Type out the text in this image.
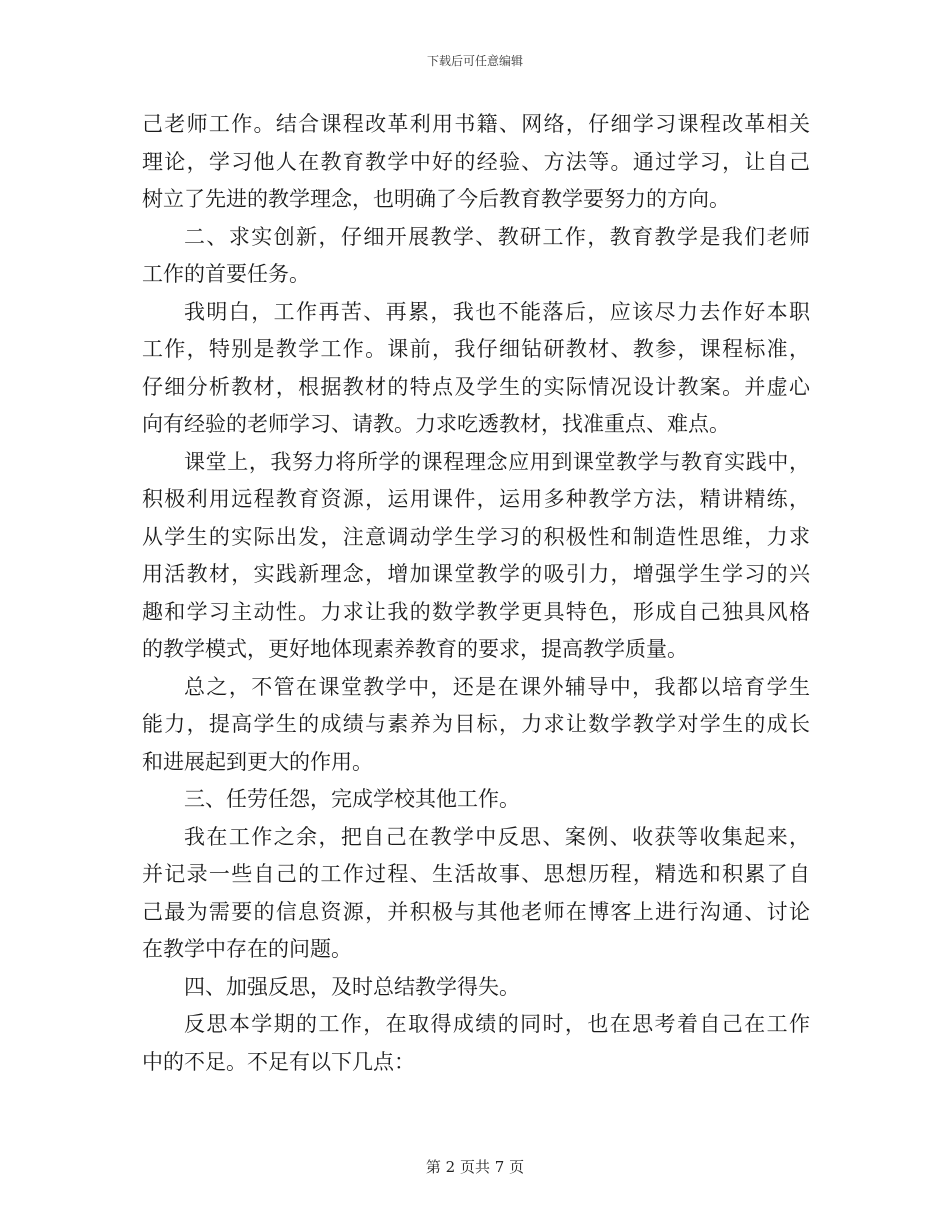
下载后可任意编辑
己老师工作。结合课程改革利用书籍、网络，仔细学习课程改革相关
理论，学习他人在教育教学中好的经验、方法等。通过学习，让自己
树立了先进的教学理念，也明确了今后教育教学要努力的方向。
二、求实创新，仔细开展教学、教研工作，教育教学是我们老师
工作的首要任务。
我明白，工作再苦、再累，我也不能落后，应该尽力去作好本职
工作，特别是教学工作。课前，我仔细钻研教材、教参，课程标准，
仔细分析教材，根据教材的特点及学生的实际情况设计教案。并虚心
向有经验的老师学习、请教。力求吃透教材，找准重点、难点。
课堂上，我努力将所学的课程理念应用到课堂教学与教育实践中，
积极利用远程教育资源，运用课件，运用多种教学方法，精讲精练，
从学生的实际出发，注意调动学生学习的积极性和制造性思维，力求
用活教材，实践新理念，增加课堂教学的吸引力，增强学生学习的兴
趣和学习主动性。力求让我的数学教学更具特色，形成自己独具风格
的教学模式，更好地体现素养教育的要求，提高教学质量。
总之，不管在课堂教学中，还是在课外辅导中，我都以培育学生
能力，提高学生的成绩与素养为目标，力求让数学教学对学生的成长
和进展起到更大的作用。
三、任劳任怨，完成学校其他工作。
我在工作之余，把自己在教学中反思、案例、收获等收集起来，
并记录一些自己的工作过程、生活故事、思想历程，精选和积累了自
己最为需要的信息资源，并积极与其他老师在博客上进行沟通、讨论
在教学中存在的问题。
四、加强反思，及时总结教学得失。
反思本学期的工作，在取得成绩的同时，也在思考着自己在工作
中的不足。不足有以下几点：
第 2 页共 7 页
